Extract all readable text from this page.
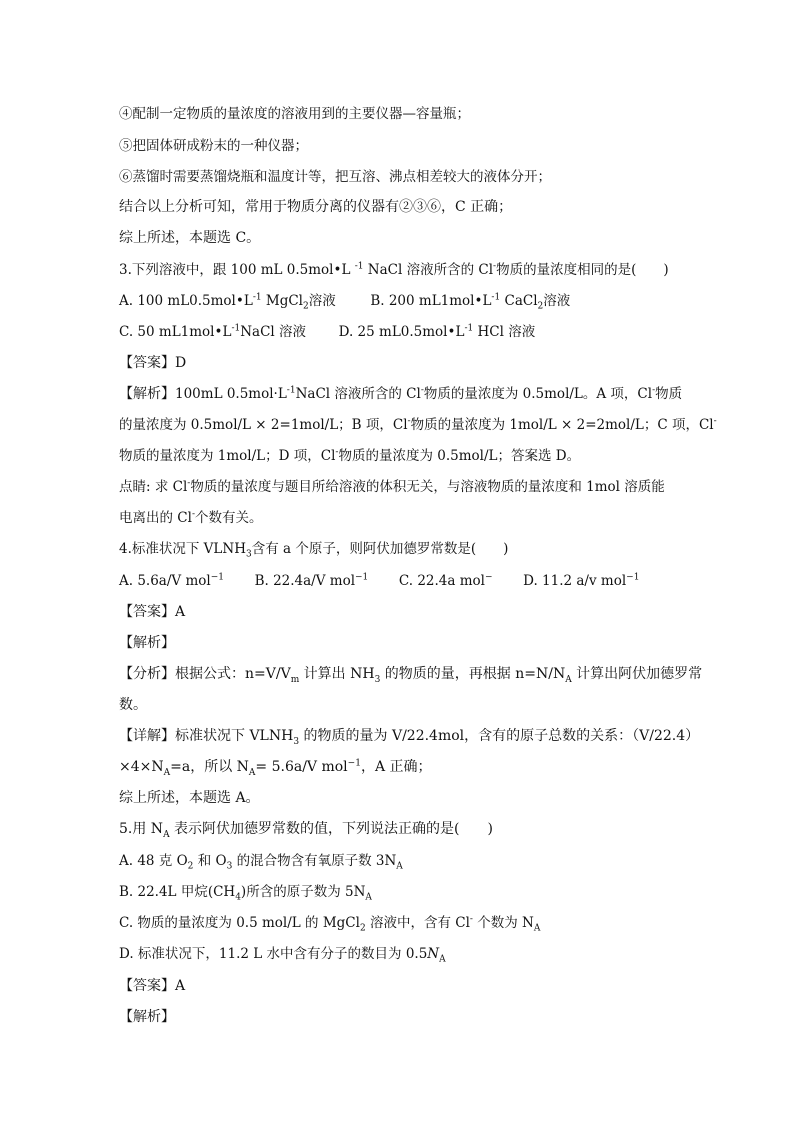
④配制一定物质的量浓度的溶液用到的主要仪器—容量瓶；
⑤把固体研成粉末的一种仪器；
⑥蒸馏时需要蒸馏烧瓶和温度计等，把互溶、沸点相差较大的液体分开；
结合以上分析可知，常用于物质分离的仪器有②③⑥，C 正确；
综上所述，本题选 C。
3.下列溶液中，跟 100 mL 0.5mol•L $^{-1}$ NaCl 溶液所含的 Cl-物质的量浓度相同的是(　　)
A. 100 $mL0.5mol•L^{-1}$ MgCl$_2$溶液	B. 200 $mL1mol•L^{-1}$ CaCl$_2$溶液
C. 50 $mL1mol•L^{-1}NaCl$ 溶液 D. 25 $mL0.5mol•L^{-1}$ HCl 溶液
【答案】D
【解析】100mL $0.5mol\cdot L^{-1}NaCl$ 溶液所含的 Cl-物质的量浓度为 0.5mol/L。A 项，Cl-物质
的量浓度为 0.5mol/L × 2=1mol/L；B 项，Cl-物质的量浓度为 1mol/L × 2=2mol/L；C 项，Cl-
物质的量浓度为 1mol/L；D 项，Cl-物质的量浓度为 0.5mol/L；答案选 D。
点睛: 求 Cl-物质的量浓度与题目所给溶液的体积无关，与溶液物质的量浓度和 1mol 溶质能
电离出的 Cl-个数有关。
4.标准状况下 $VLNH_3$含有 a 个原子，则阿伏加德罗常数是(　　)
A. 5.6a/V mol$^{-1}$ B. 22.4a/V mol$^{-1}$ C. 22.4a mol− D. 11.2 a/v mol$^{-1}$
【答案】A
【解析】
【分析】根据公式：$n=V/V_m$ 计算出 $NH_3$ 的物质的量，再根据 $n=N/N_A$ 计算出阿伏加德罗常
数。
【详解】标准状况下 $VLNH_3$ 的物质的量为 V/22.4mol，含有的原子总数的关系：（V/22.4）
$\times 4\times N_A=a$，所以 $N_A= 5.6a/V$ mol$^{-1}$，A 正确；
综上所述，本题选 A。
5.用 $N_A$ 表示阿伏加德罗常数的值，下列说法正确的是(　　)
A. 48 克 $O_2$ 和 $O_3$ 的混合物含有氧原子数 $3N_A$
B. 22.4L 甲烷$(CH_4)$所含的原子数为 $5N_A$
C. 物质的量浓度为 0.5 mol/L 的 MgCl$_2$ 溶液中，含有 Cl- 个数为 $N_A$
D. 标准状况下，11.2 L 水中含有分子的数目为 $0.5N_A$
【答案】A
【解析】
